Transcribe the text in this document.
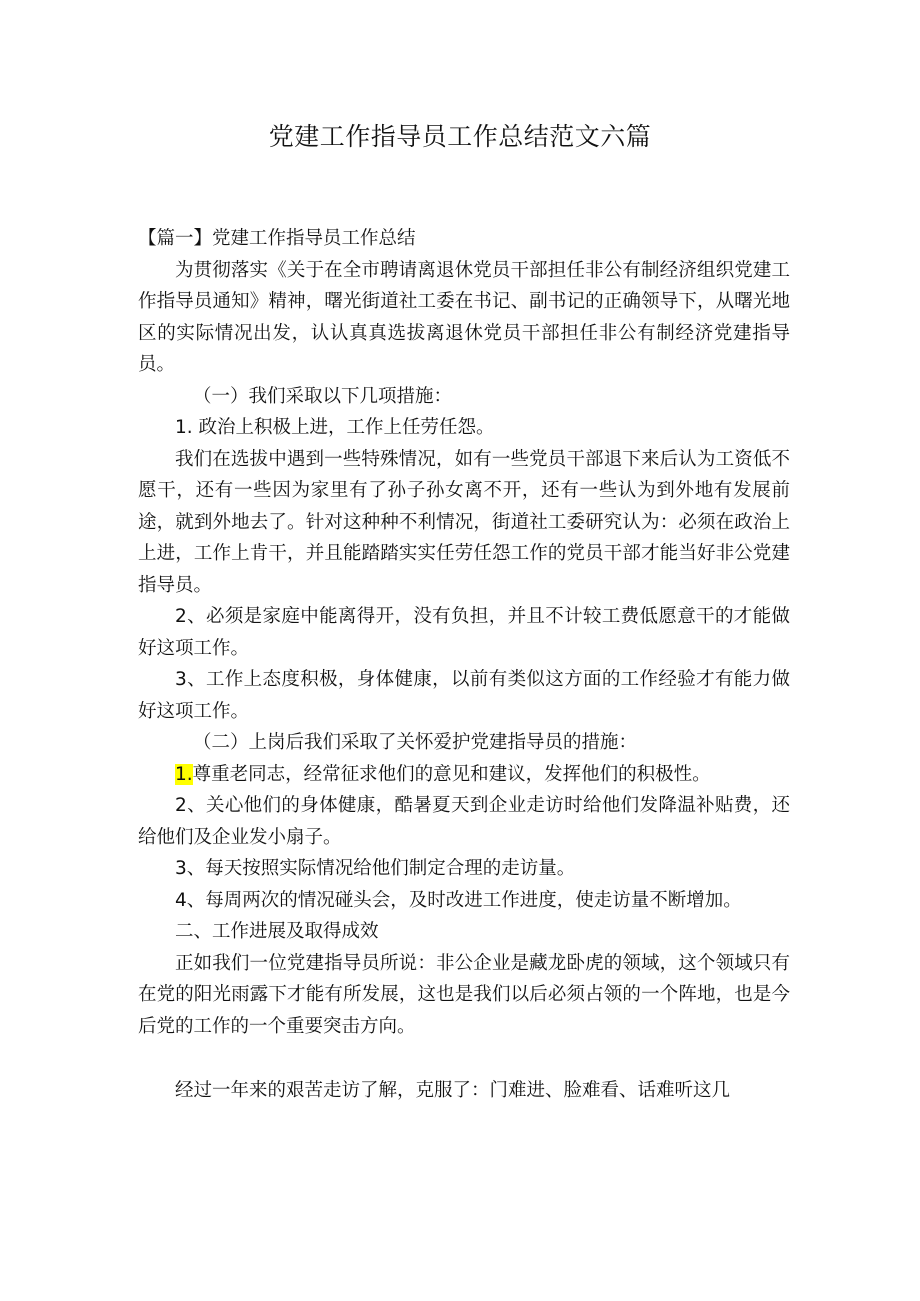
党建工作指导员工作总结范文六篇

【篇一】党建工作指导员工作总结

为贯彻落实《关于在全市聘请离退休党员干部担任非公有制经济组织党建工作指导员通知》精神，曙光街道社工委在书记、副书记的正确领导下，从曙光地区的实际情况出发，认认真真选拔离退休党员干部担任非公有制经济党建指导员。

（一）我们采取以下几项措施：

1. 政治上积极上进，工作上任劳任怨。

我们在选拔中遇到一些特殊情况，如有一些党员干部退下来后认为工资低不愿干，还有一些因为家里有了孙子孙女离不开，还有一些认为到外地有发展前途，就到外地去了。针对这种种不利情况，街道社工委研究认为：必须在政治上上进，工作上肯干，并且能踏踏实实任劳任怨工作的党员干部才能当好非公党建指导员。

2、必须是家庭中能离得开，没有负担，并且不计较工费低愿意干的才能做好这项工作。

3、工作上态度积极，身体健康，以前有类似这方面的工作经验才有能力做好这项工作。

（二）上岗后我们采取了关怀爱护党建指导员的措施：

1.尊重老同志，经常征求他们的意见和建议，发挥他们的积极性。

2、关心他们的身体健康，酷暑夏天到企业走访时给他们发降温补贴费，还给他们及企业发小扇子。

3、每天按照实际情况给他们制定合理的走访量。

4、每周两次的情况碰头会，及时改进工作进度，使走访量不断增加。

二、工作进展及取得成效

正如我们一位党建指导员所说：非公企业是藏龙卧虎的领域，这个领域只有在党的阳光雨露下才能有所发展，这也是我们以后必须占领的一个阵地，也是今后党的工作的一个重要突击方向。

经过一年来的艰苦走访了解，克服了：门难进、脸难看、话难听这几
